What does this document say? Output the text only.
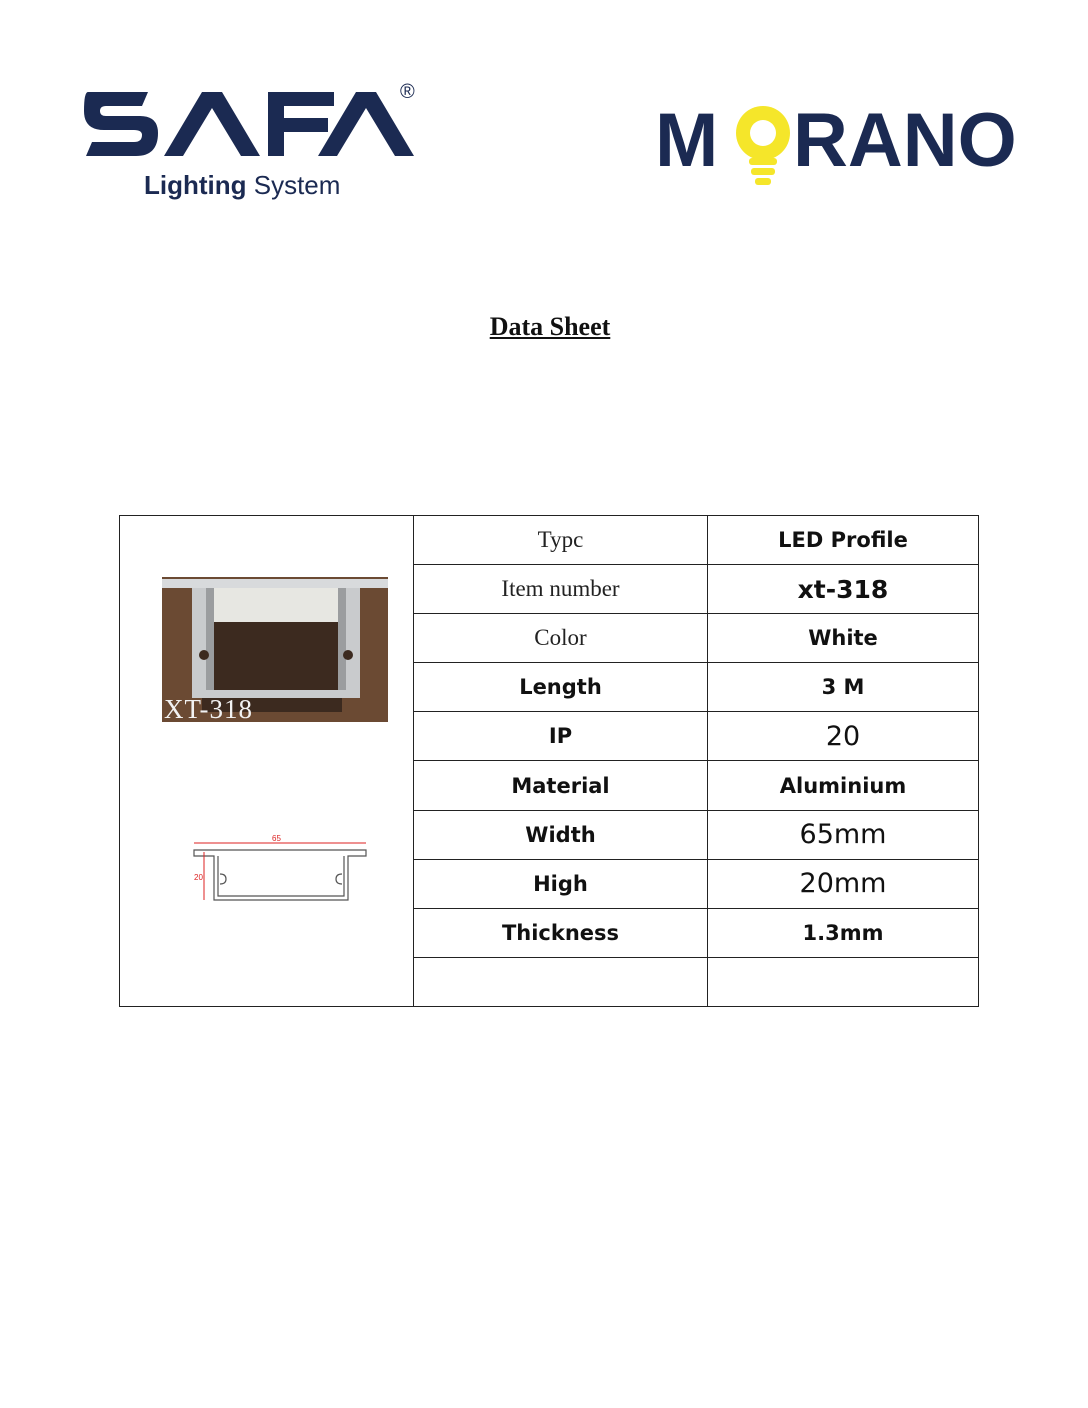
®
Lighting System
M RANO
MORANO
Data Sheet
XT-318
65
20	Typc	LED Profile
	Item number	xt-318
	Color	White
	Length	3 M
	IP	20
	Material	Aluminium
	Width	65mm
	High	20mm
	Thickness	1.3mm
